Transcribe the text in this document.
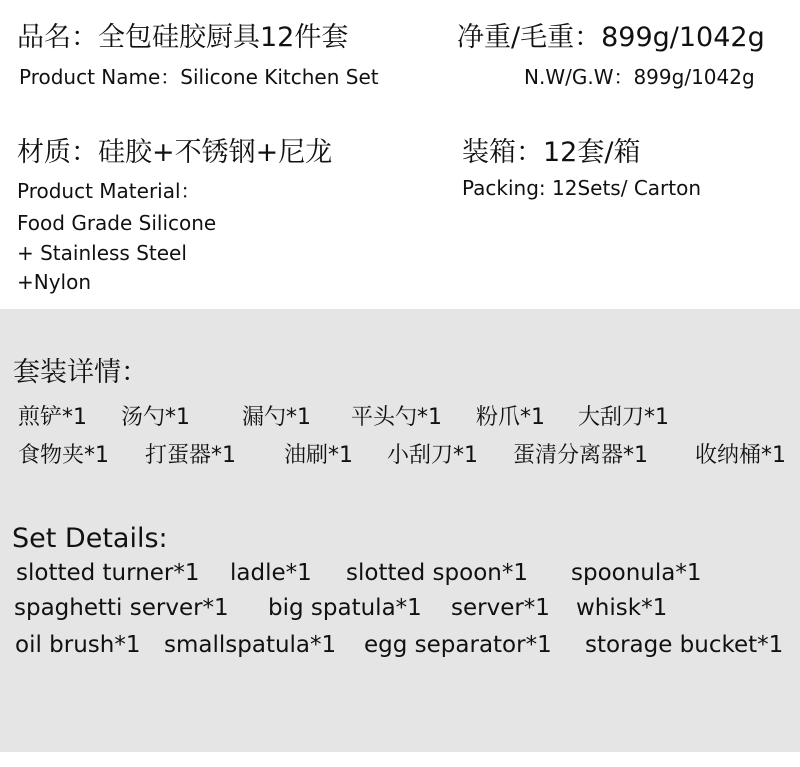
品名：全包硅胶厨具12件套
Product Name：Silicone Kitchen Set
净重/毛重：899g/1042g
N.W/G.W：899g/1042g
材质：硅胶+不锈钢+尼龙
Product Material：
Food Grade Silicone
+ Stainless Steel
+Nylon
装箱：12套/箱
Packing: 12Sets/ Carton
套装详情：
煎铲*1 汤勺*1 漏勺*1 平头勺*1 粉爪*1 大刮刀*1
食物夹*1 打蛋器*1 油刷*1 小刮刀*1 蛋清分离器*1 收纳桶*1
Set Details:
slotted turner*1 ladle*1 slotted spoon*1 spoonula*1
spaghetti server*1 big spatula*1 server*1 whisk*1
oil brush*1 smallspatula*1 egg separator*1 storage bucket*1
